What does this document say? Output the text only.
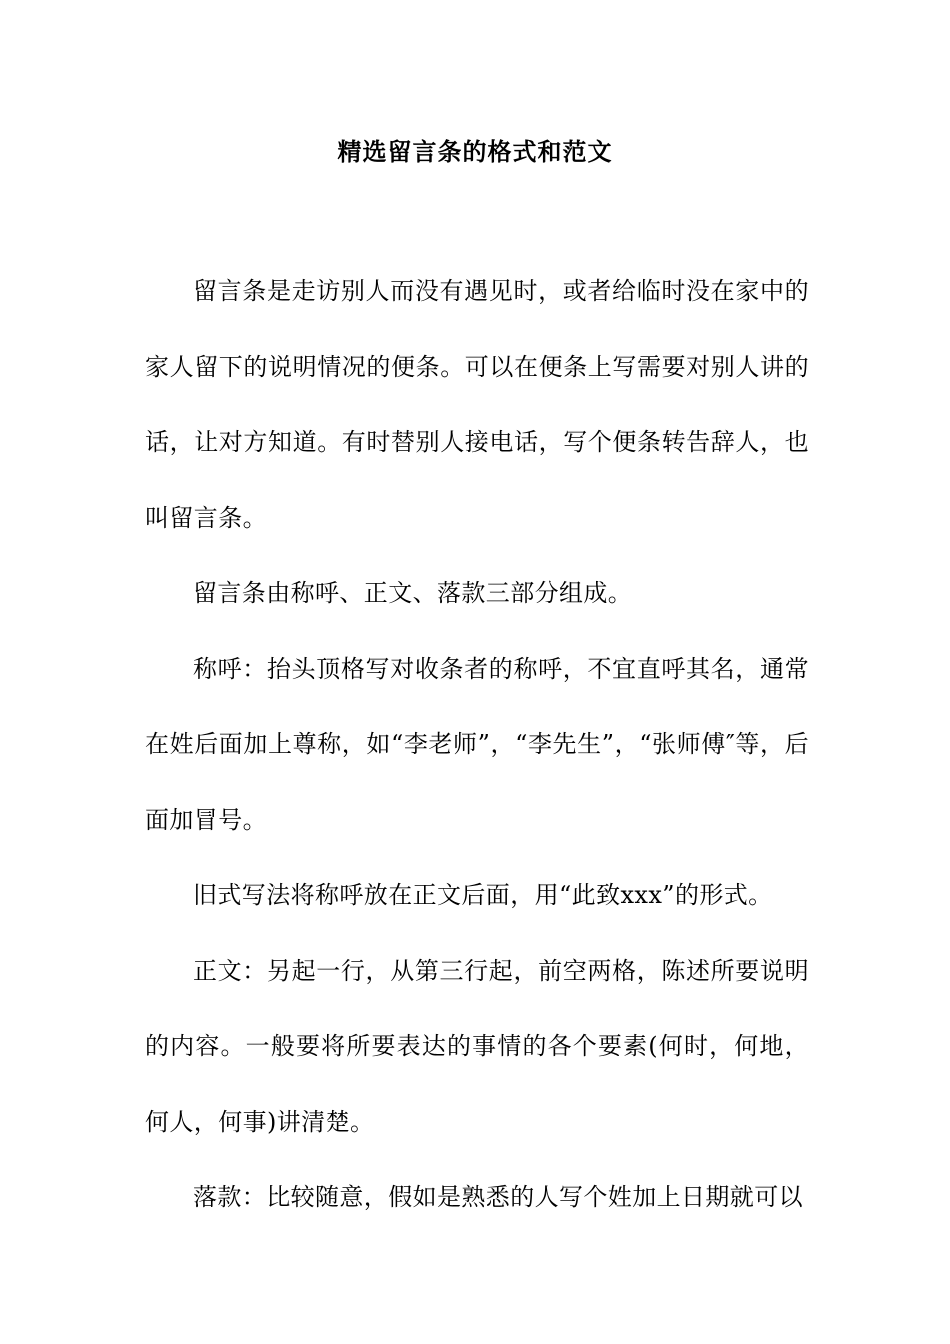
精选留言条的格式和范文

留言条是走访别人而没有遇见时，或者给临时没在家中的家人留下的说明情况的便条。可以在便条上写需要对别人讲的话，让对方知道。有时替别人接电话，写个便条转告辞人，也叫留言条。

留言条由称呼、正文、落款三部分组成。

称呼：抬头顶格写对收条者的称呼，不宜直呼其名，通常在姓后面加上尊称，如“李老师”，“李先生”，“张师傅″等，后面加冒号。

旧式写法将称呼放在正文后面，用“此致xxx”的形式。

正文：另起一行，从第三行起，前空两格，陈述所要说明的内容。一般要将所要表达的事情的各个要素(何时，何地，何人，何事)讲清楚。

落款：比较随意，假如是熟悉的人写个姓加上日期就可以
